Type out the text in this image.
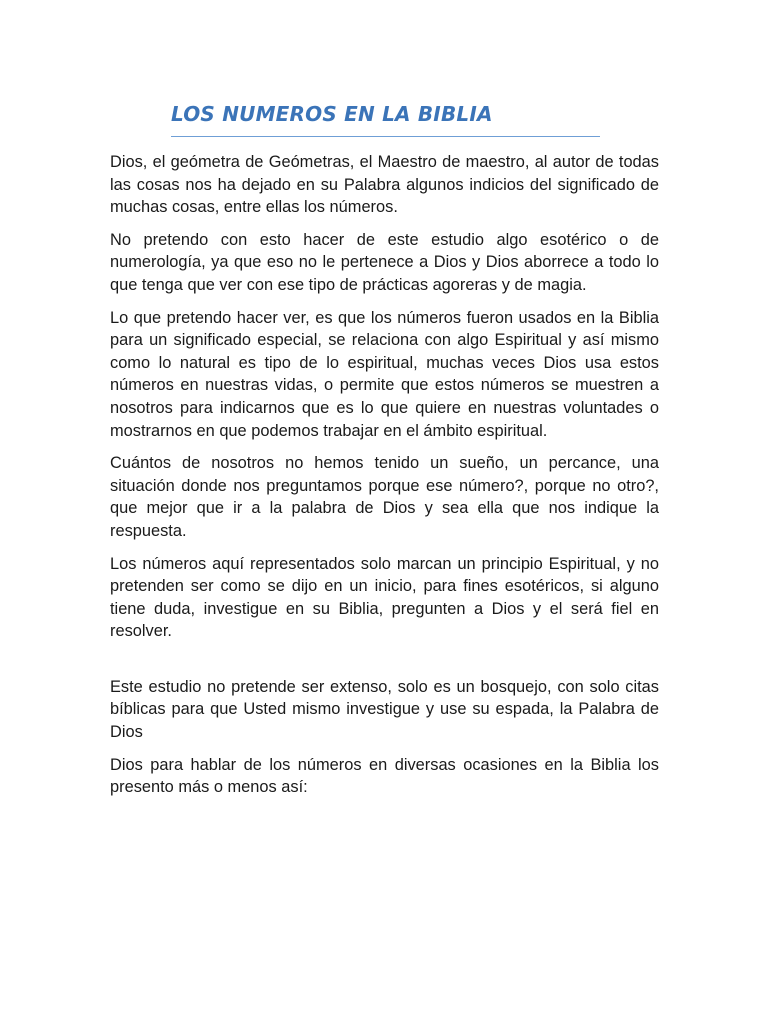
LOS NUMEROS EN LA BIBLIA

Dios, el geómetra de Geómetras, el Maestro de maestro, al autor de todas las cosas nos ha dejado en su Palabra algunos indicios del significado de muchas cosas, entre ellas los números.

No pretendo con esto hacer de este estudio algo esotérico o de numerología, ya que eso no le pertenece a Dios y Dios aborrece a todo lo que tenga que ver con ese tipo de prácticas agoreras y de magia.

Lo que pretendo hacer ver, es que los números fueron usados en la Biblia para un significado especial, se relaciona con algo Espiritual y así mismo como lo natural es tipo de lo espiritual, muchas veces Dios usa estos números en nuestras vidas, o permite que estos números se muestren a nosotros para indicarnos que es lo que quiere en nuestras voluntades o mostrarnos en que podemos trabajar en el ámbito espiritual.

Cuántos de nosotros no hemos tenido un sueño, un percance, una situación donde nos preguntamos porque ese número?, porque no otro?, que mejor que ir a la palabra de Dios y sea ella que nos indique la respuesta.

Los números aquí representados solo marcan un principio Espiritual, y no pretenden ser como se dijo en un inicio, para fines esotéricos, si alguno tiene duda, investigue en su Biblia, pregunten a Dios y el será fiel en resolver.

Este estudio no pretende ser extenso, solo es un bosquejo, con solo citas bíblicas para que Usted mismo investigue y use su espada, la Palabra de Dios

Dios para hablar de los números en diversas ocasiones en la Biblia los presento más o menos así:
